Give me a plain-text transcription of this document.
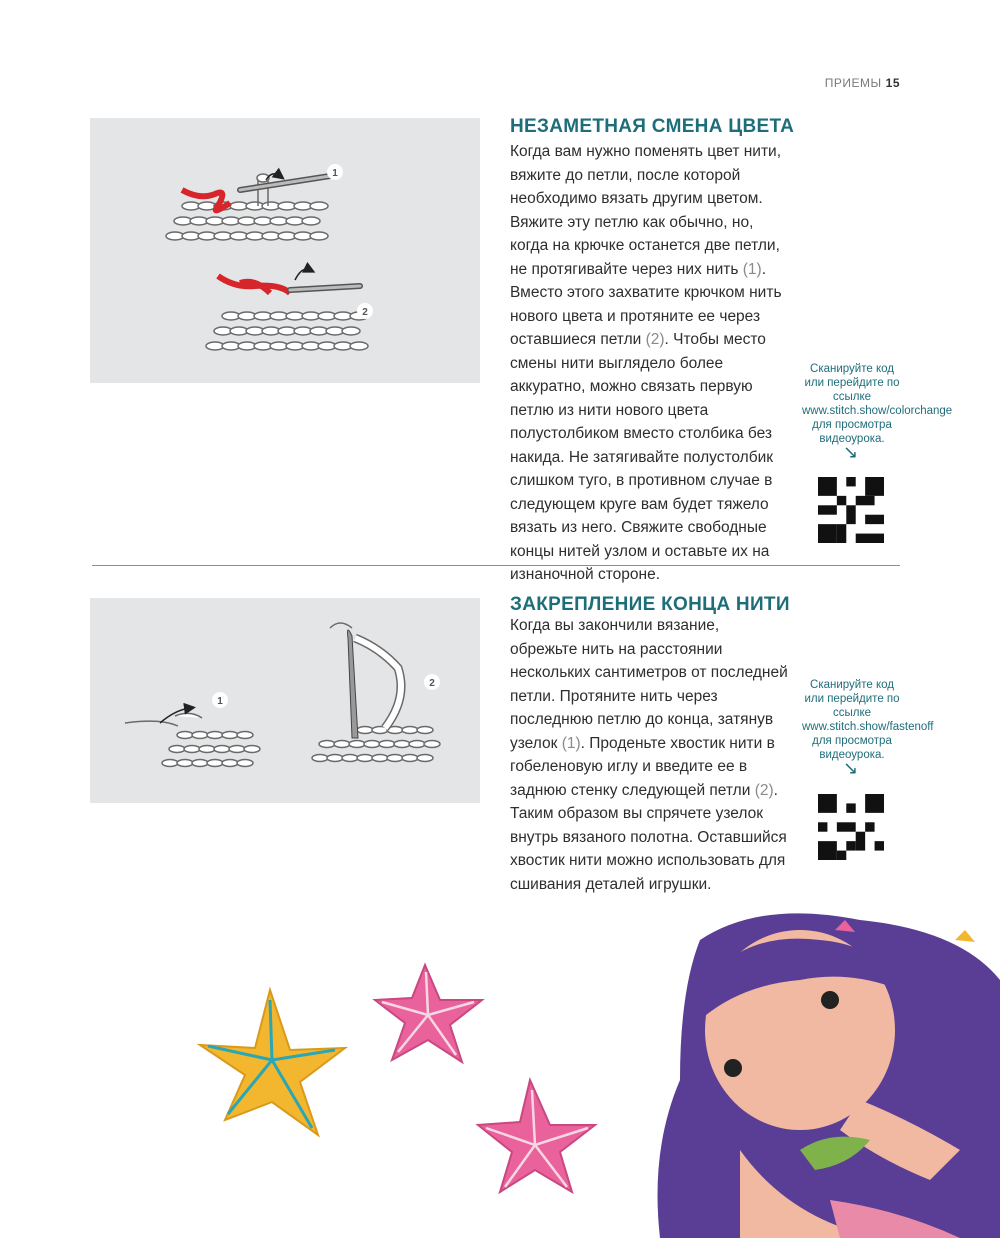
ПРИЕМЫ 15
1
2
НЕЗАМЕТНАЯ СМЕНА ЦВЕТА
Когда вам нужно поменять цвет нити, вяжите до петли, после которой необходимо вязать другим цветом. Вяжите эту петлю как обычно, но, когда на крючке останется две петли, не протягивайте через них нить (1). Вместо этого захватите крючком нить нового цвета и протяните ее через оставшиеся петли (2). Чтобы место смены нити выглядело более аккуратно, можно связать первую петлю из нити нового цвета полустолбиком вместо столбика без накида. Не затягивайте полустолбик слишком туго, в противном случае в следующем круге вам будет тяжело вязать из него. Свяжите свободные концы нитей узлом и оставьте их на изнаночной стороне.
Сканируйте код или перейдите по ссылке www.stitch.show/colorchange для просмотра видеоурока.
↘
1
2
ЗАКРЕПЛЕНИЕ КОНЦА НИТИ
Когда вы закончили вязание, обрежьте нить на расстоянии нескольких сантиметров от последней петли. Протяните нить через последнюю петлю до конца, затянув узелок (1). Проденьте хвостик нити в гобеленовую иглу и введите ее в заднюю стенку следующей петли (2). Таким образом вы спрячете узелок внутрь вязаного полотна. Оставшийся хвостик нити можно использовать для сшивания деталей игрушки.
Сканируйте код или перейдите по ссылке www.stitch.show/fastenoff для просмотра видеоурока.
↘
